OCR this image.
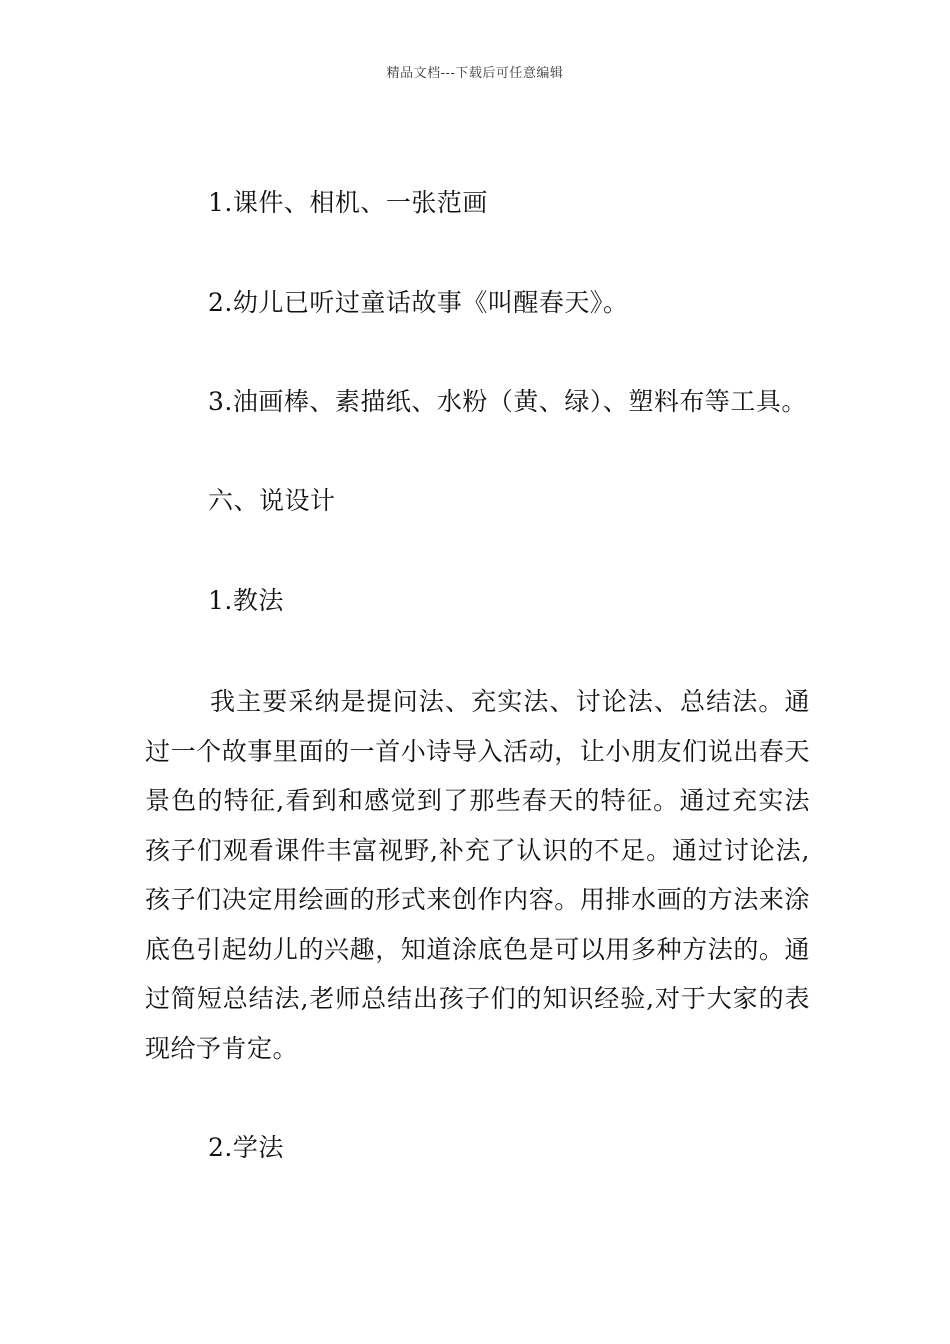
精品文档---下载后可任意编辑
1.课件、相机、一张范画
2.幼儿已听过童话故事《叫醒春天》。
3.油画棒、素描纸、水粉（黄、绿）、塑料布等工具。
六、说设计
1.教法
我主要采纳是提问法、充实法、讨论法、总结法。通过一个故事里面的一首小诗导入活动，让小朋友们说出春天景色的特征,看到和感觉到了那些春天的特征。通过充实法孩子们观看课件丰富视野,补充了认识的不足。通过讨论法,孩子们决定用绘画的形式来创作内容。用排水画的方法来涂底色引起幼儿的兴趣，知道涂底色是可以用多种方法的。通过简短总结法,老师总结出孩子们的知识经验,对于大家的表现给予肯定。
2.学法
